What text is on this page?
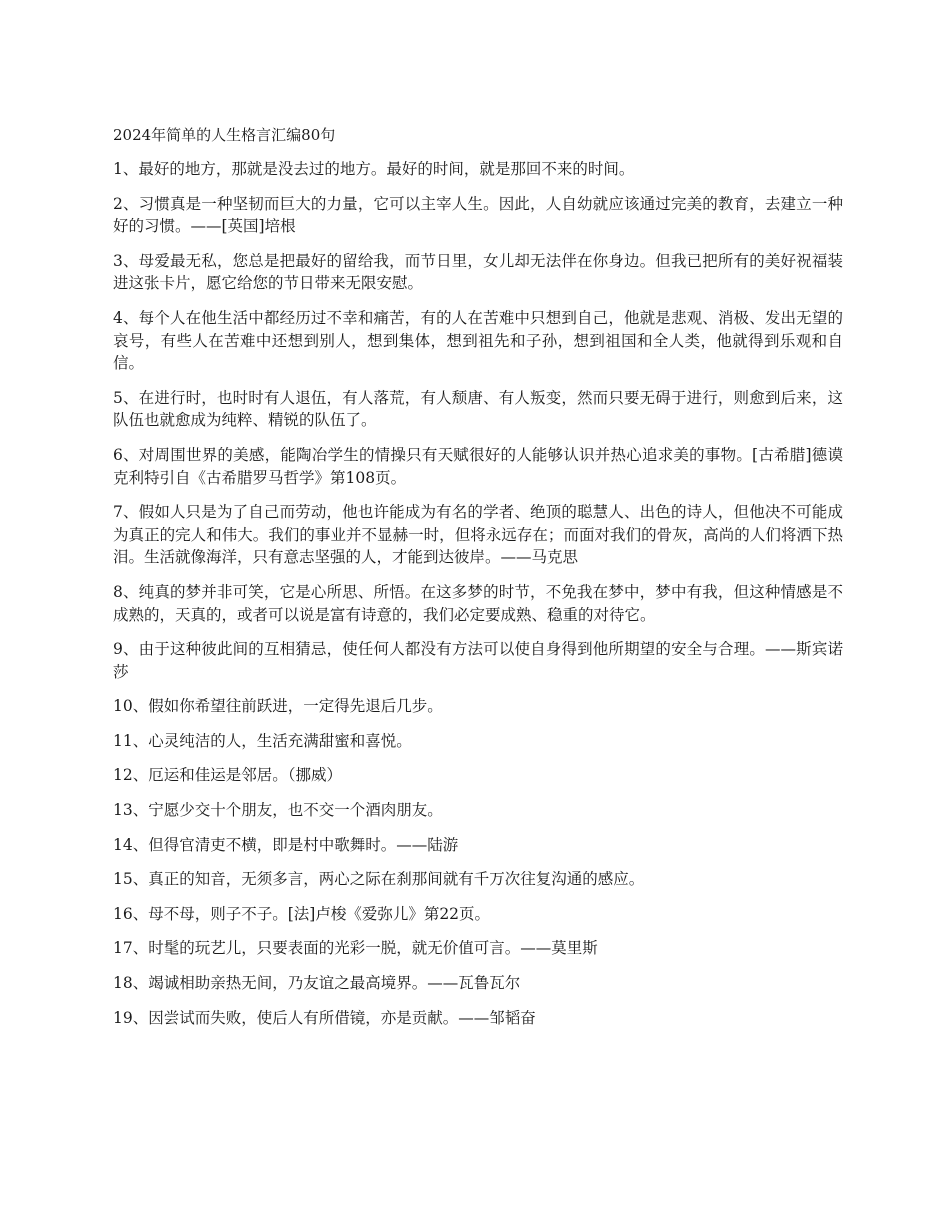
2024年简单的人生格言汇编80句

1、最好的地方，那就是没去过的地方。最好的时间，就是那回不来的时间。

2、习惯真是一种坚韧而巨大的力量，它可以主宰人生。因此，人自幼就应该通过完美的教育，去建立一种好的习惯。——[英国]培根

3、母爱最无私，您总是把最好的留给我，而节日里，女儿却无法伴在你身边。但我已把所有的美好祝福装进这张卡片，愿它给您的节日带来无限安慰。

4、每个人在他生活中都经历过不幸和痛苦，有的人在苦难中只想到自己，他就是悲观、消极、发出无望的哀号，有些人在苦难中还想到别人，想到集体，想到祖先和子孙，想到祖国和全人类，他就得到乐观和自信。

5、在进行时，也时时有人退伍，有人落荒，有人颓唐、有人叛变，然而只要无碍于进行，则愈到后来，这队伍也就愈成为纯粹、精锐的队伍了。

6、对周围世界的美感，能陶冶学生的情操只有天赋很好的人能够认识并热心追求美的事物。[古希腊]德谟克利特引自《古希腊罗马哲学》第108页。

7、假如人只是为了自己而劳动，他也许能成为有名的学者、绝顶的聪慧人、出色的诗人，但他决不可能成为真正的完人和伟大。我们的事业并不显赫一时，但将永远存在；而面对我们的骨灰，高尚的人们将洒下热泪。生活就像海洋，只有意志坚强的人，才能到达彼岸。——马克思

8、纯真的梦并非可笑，它是心所思、所悟。在这多梦的时节，不免我在梦中，梦中有我，但这种情感是不成熟的，天真的，或者可以说是富有诗意的，我们必定要成熟、稳重的对待它。

9、由于这种彼此间的互相猜忌，使任何人都没有方法可以使自身得到他所期望的安全与合理。——斯宾诺莎

10、假如你希望往前跃进，一定得先退后几步。

11、心灵纯洁的人，生活充满甜蜜和喜悦。

12、厄运和佳运是邻居。（挪威）

13、宁愿少交十个朋友，也不交一个酒肉朋友。

14、但得官清吏不横，即是村中歌舞时。——陆游

15、真正的知音，无须多言，两心之际在刹那间就有千万次往复沟通的感应。

16、母不母，则子不子。[法]卢梭《爱弥儿》第22页。

17、时髦的玩艺儿，只要表面的光彩一脱，就无价值可言。——莫里斯

18、竭诚相助亲热无间，乃友谊之最高境界。——瓦鲁瓦尔

19、因尝试而失败，使后人有所借镜，亦是贡献。——邹韬奋
